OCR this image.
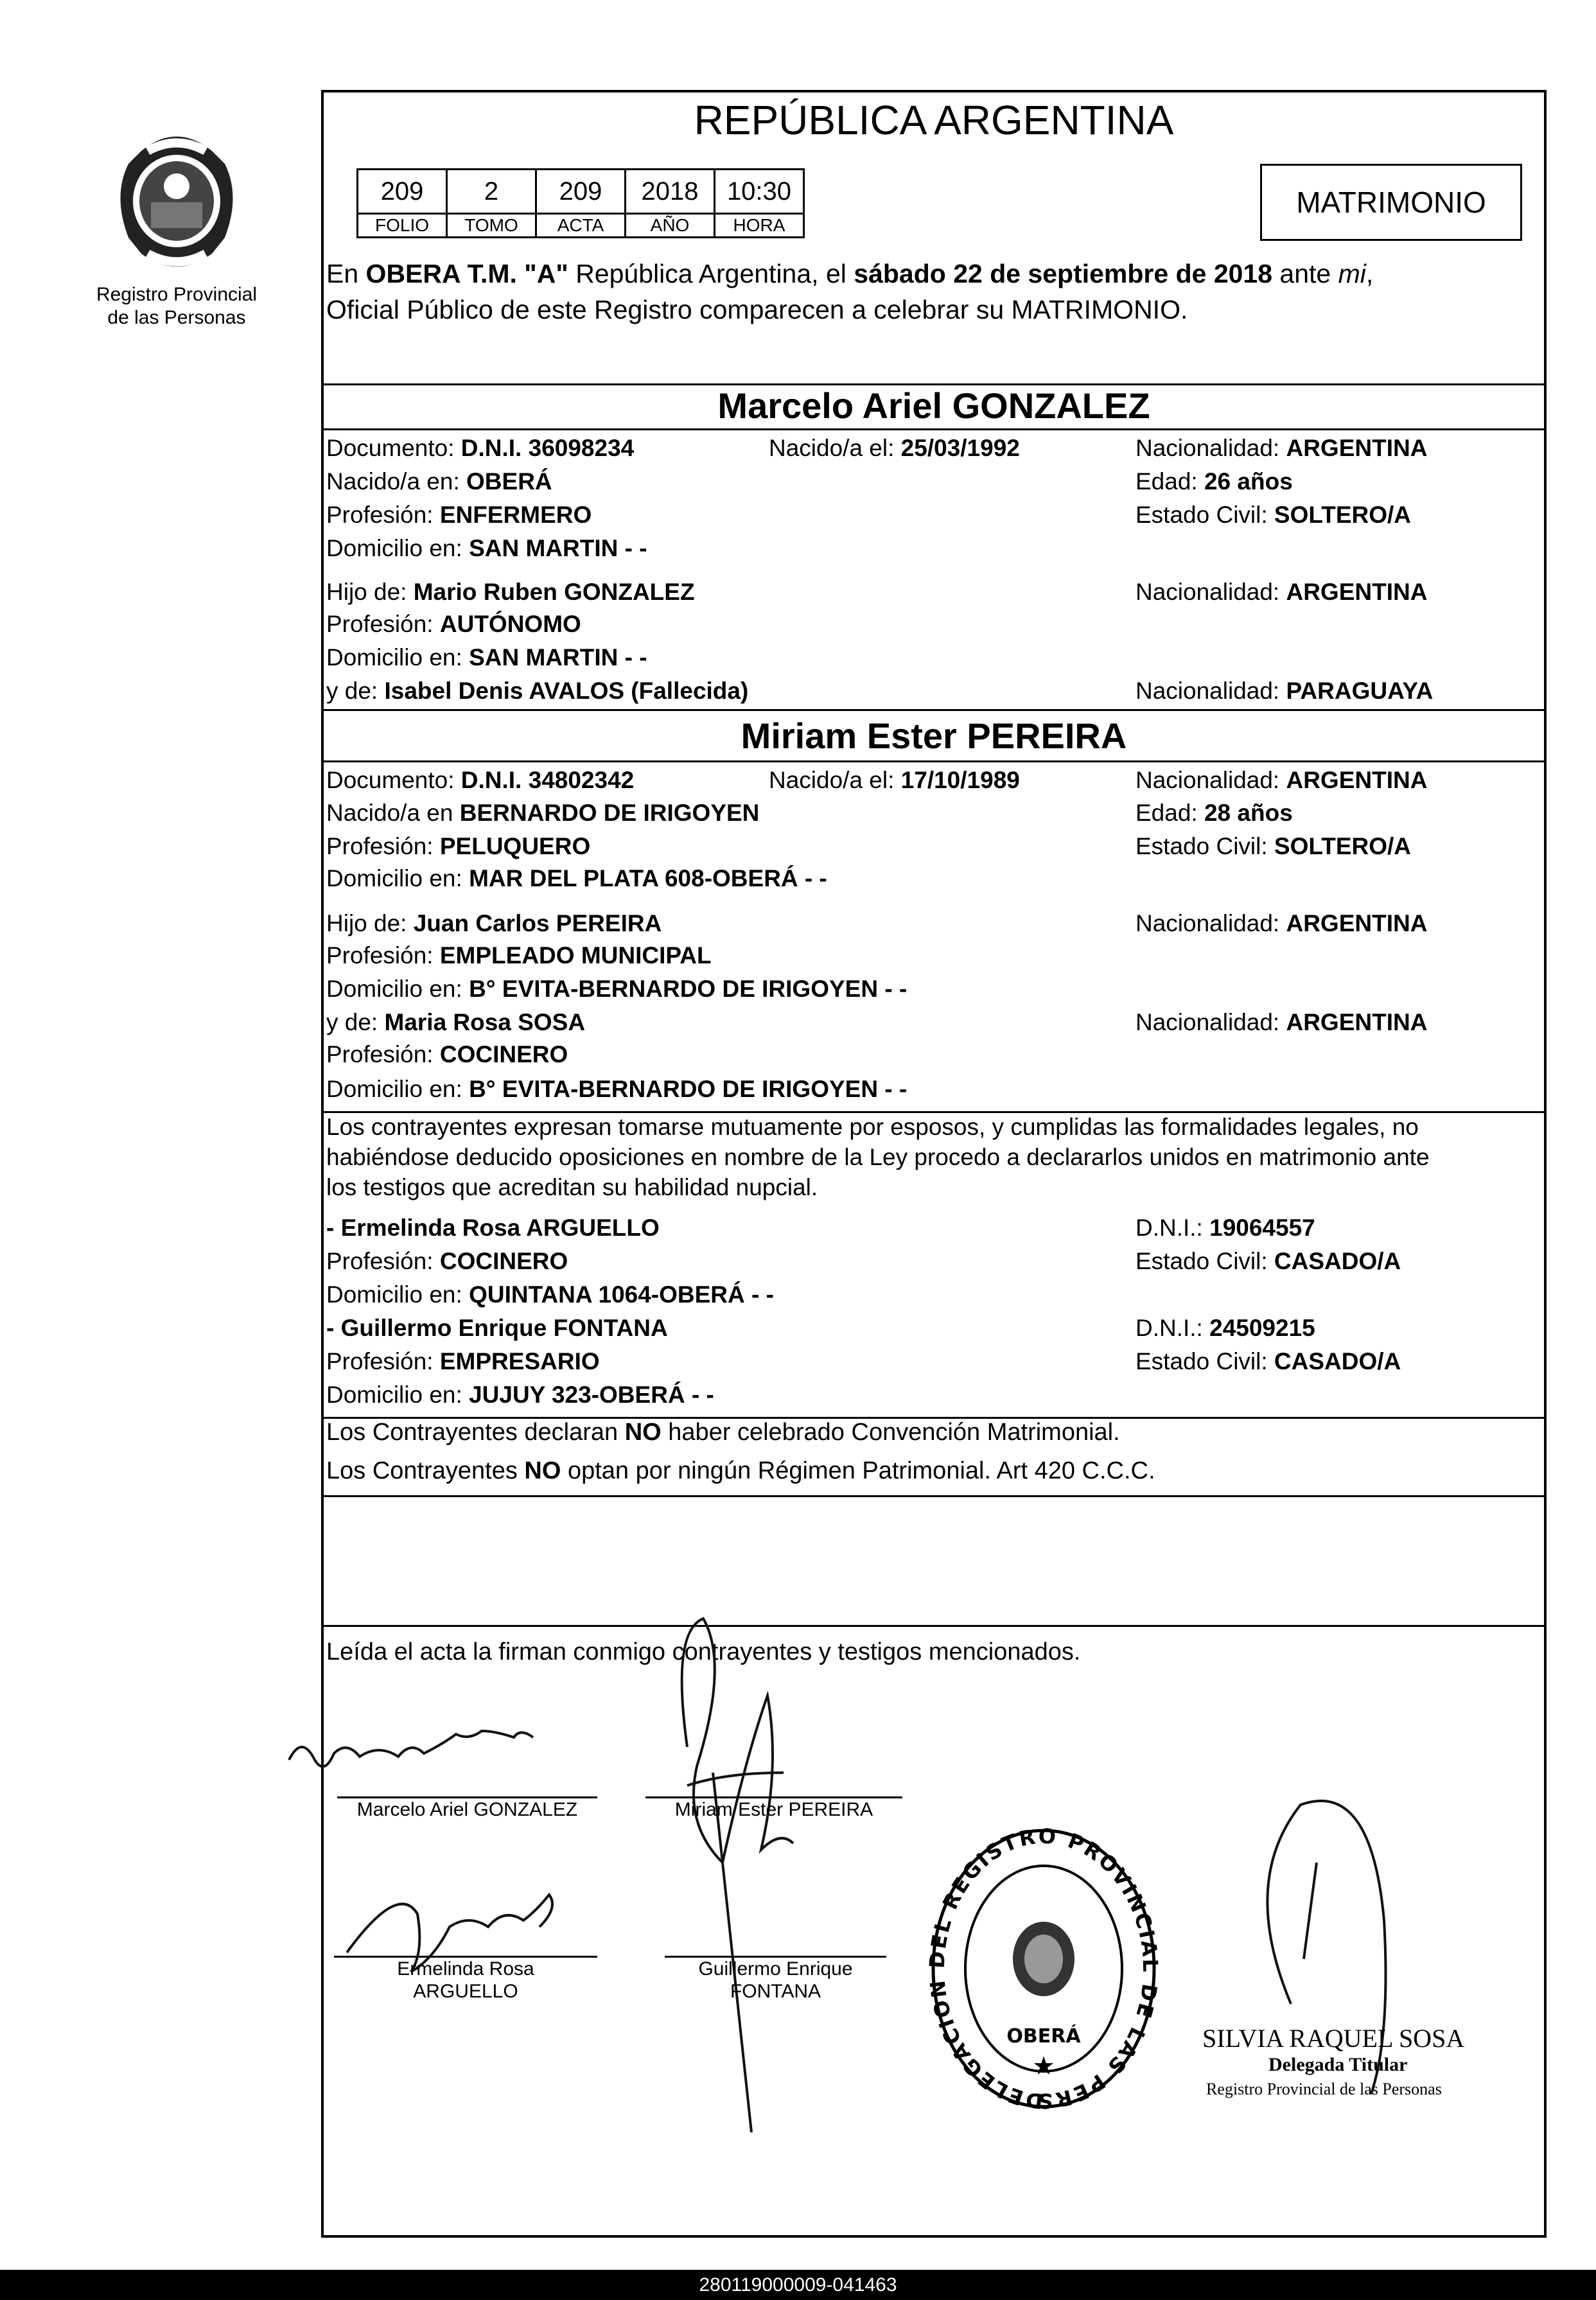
Registro Provincial
de las Personas
REPÚBLICA ARGENTINA
209	2	209	2018	10:30
FOLIO	TOMO	ACTA	AÑO	HORA
MATRIMONIO
En OBERA T.M. "A" República Argentina, el sábado 22 de septiembre de 2018 ante mi,
Oficial Público de este Registro comparecen a celebrar su MATRIMONIO.
Marcelo Ariel GONZALEZ
Documento: D.N.I. 36098234	Nacido/a el: 25/03/1992	Nacionalidad: ARGENTINA
Nacido/a en: OBERÁ	Edad: 26 años
Profesión: ENFERMERO	Estado Civil: SOLTERO/A
Domicilio en: SAN MARTIN - -
Hijo de: Mario Ruben GONZALEZ	Nacionalidad: ARGENTINA
Profesión: AUTÓNOMO
Domicilio en: SAN MARTIN - -
y de: Isabel Denis AVALOS (Fallecida)	Nacionalidad: PARAGUAYA
Miriam Ester PEREIRA
Documento: D.N.I. 34802342	Nacido/a el: 17/10/1989	Nacionalidad: ARGENTINA
Nacido/a en BERNARDO DE IRIGOYEN	Edad: 28 años
Profesión: PELUQUERO	Estado Civil: SOLTERO/A
Domicilio en: MAR DEL PLATA 608-OBERÁ - -
Hijo de: Juan Carlos PEREIRA	Nacionalidad: ARGENTINA
Profesión: EMPLEADO MUNICIPAL
Domicilio en: B° EVITA-BERNARDO DE IRIGOYEN - -
y de: Maria Rosa SOSA	Nacionalidad: ARGENTINA
Profesión: COCINERO
Domicilio en: B° EVITA-BERNARDO DE IRIGOYEN - -
Los contrayentes expresan tomarse mutuamente por esposos, y cumplidas las formalidades legales, no
habiéndose deducido oposiciones en nombre de la Ley procedo a declararlos unidos en matrimonio ante
los testigos que acreditan su habilidad nupcial.
- Ermelinda Rosa ARGUELLO	D.N.I.: 19064557
Profesión: COCINERO	Estado Civil: CASADO/A
Domicilio en: QUINTANA 1064-OBERÁ - -
- Guillermo Enrique FONTANA	D.N.I.: 24509215
Profesión: EMPRESARIO	Estado Civil: CASADO/A
Domicilio en: JUJUY 323-OBERÁ - -
Los Contrayentes declaran NO haber celebrado Convención Matrimonial.
Los Contrayentes NO optan por ningún Régimen Patrimonial. Art 420 C.C.C.
Leída el acta la firman conmigo contrayentes y testigos mencionados.
Marcelo Ariel GONZALEZ	Miriam Ester PEREIRA
Ermelinda Rosa
ARGUELLO
Guillermo Enrique
FONTANA
DELEGACIO EL REGISTRO PROVINCI DE LAS PERS
OBERÁ
★
SILVIA RAQUEL SOSA
Delegada Titular
Registro Provincial de las Personas
280119000009-041463
